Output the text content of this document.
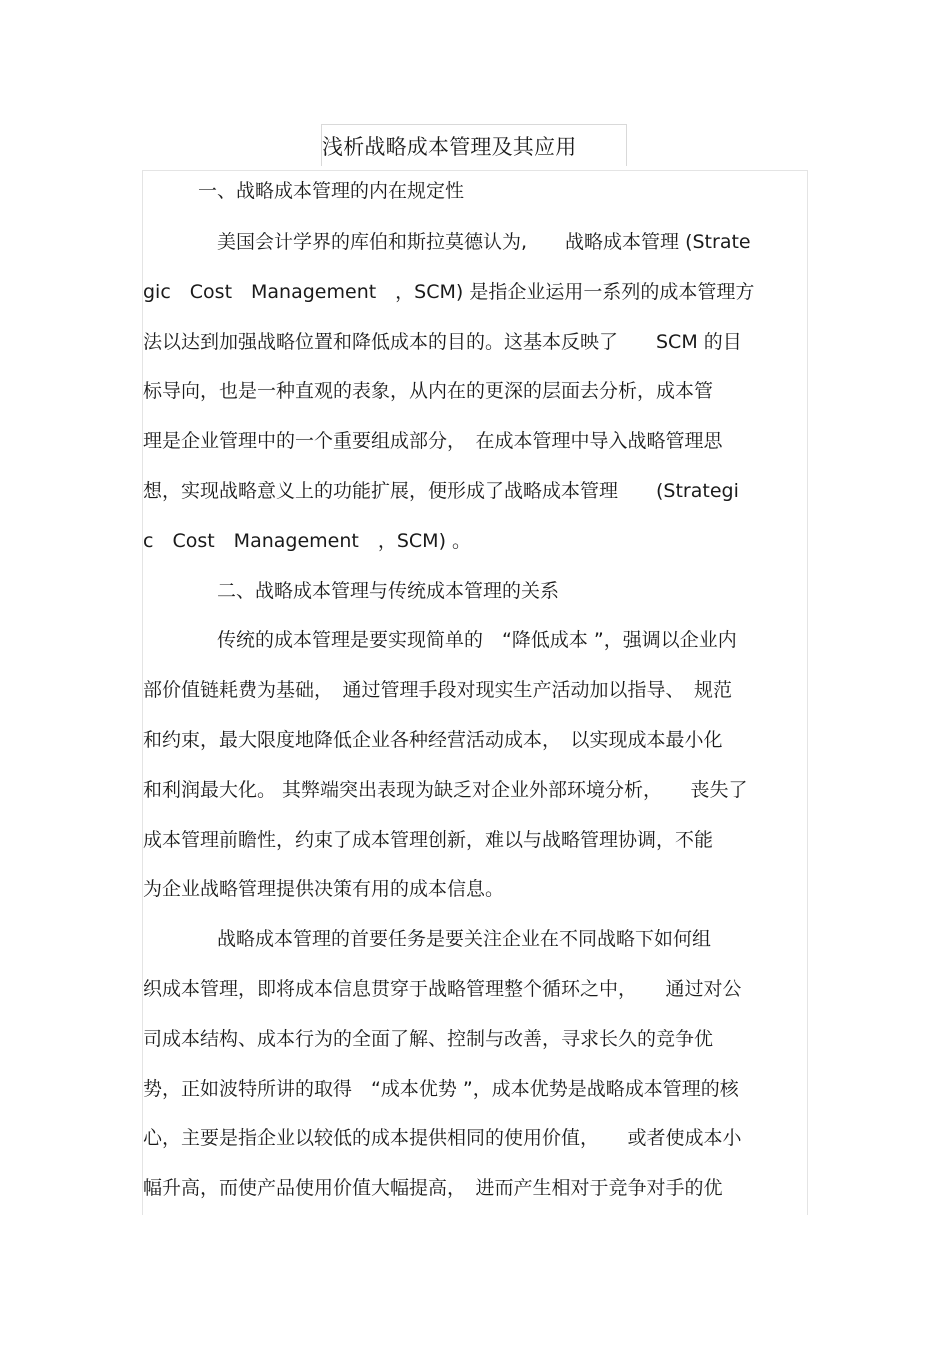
浅析战略成本管理及其应用
一、战略成本管理的内在规定性
美国会计学界的库伯和斯拉莫德认为,　　战略成本管理 (Strate
gic　Cost　Management　，SCM) 是指企业运用一系列的成本管理方
法以达到加强战略位置和降低成本的目的。这基本反映了　　SCM 的目
标导向，也是一种直观的表象，从内在的更深的层面去分析，成本管
理是企业管理中的一个重要组成部分，　在成本管理中导入战略管理思
想，实现战略意义上的功能扩展，便形成了战略成本管理　　(Strategi
c　Cost　Management　，SCM) 。
二、战略成本管理与传统成本管理的关系
传统的成本管理是要实现简单的　“降低成本 ”，强调以企业内
部价值链耗费为基础，　通过管理手段对现实生产活动加以指导、　规范
和约束，最大限度地降低企业各种经营活动成本，　以实现成本最小化
和利润最大化。 其弊端突出表现为缺乏对企业外部环境分析，　　丧失了
成本管理前瞻性，约束了成本管理创新，难以与战略管理协调，不能
为企业战略管理提供决策有用的成本信息。
战略成本管理的首要任务是要关注企业在不同战略下如何组
织成本管理，即将成本信息贯穿于战略管理整个循环之中，　　通过对公
司成本结构、成本行为的全面了解、控制与改善，寻求长久的竞争优
势，正如波特所讲的取得　“成本优势 ”，成本优势是战略成本管理的核
心，主要是指企业以较低的成本提供相同的使用价值，　　或者使成本小
幅升高，而使产品使用价值大幅提高，　进而产生相对于竞争对手的优
